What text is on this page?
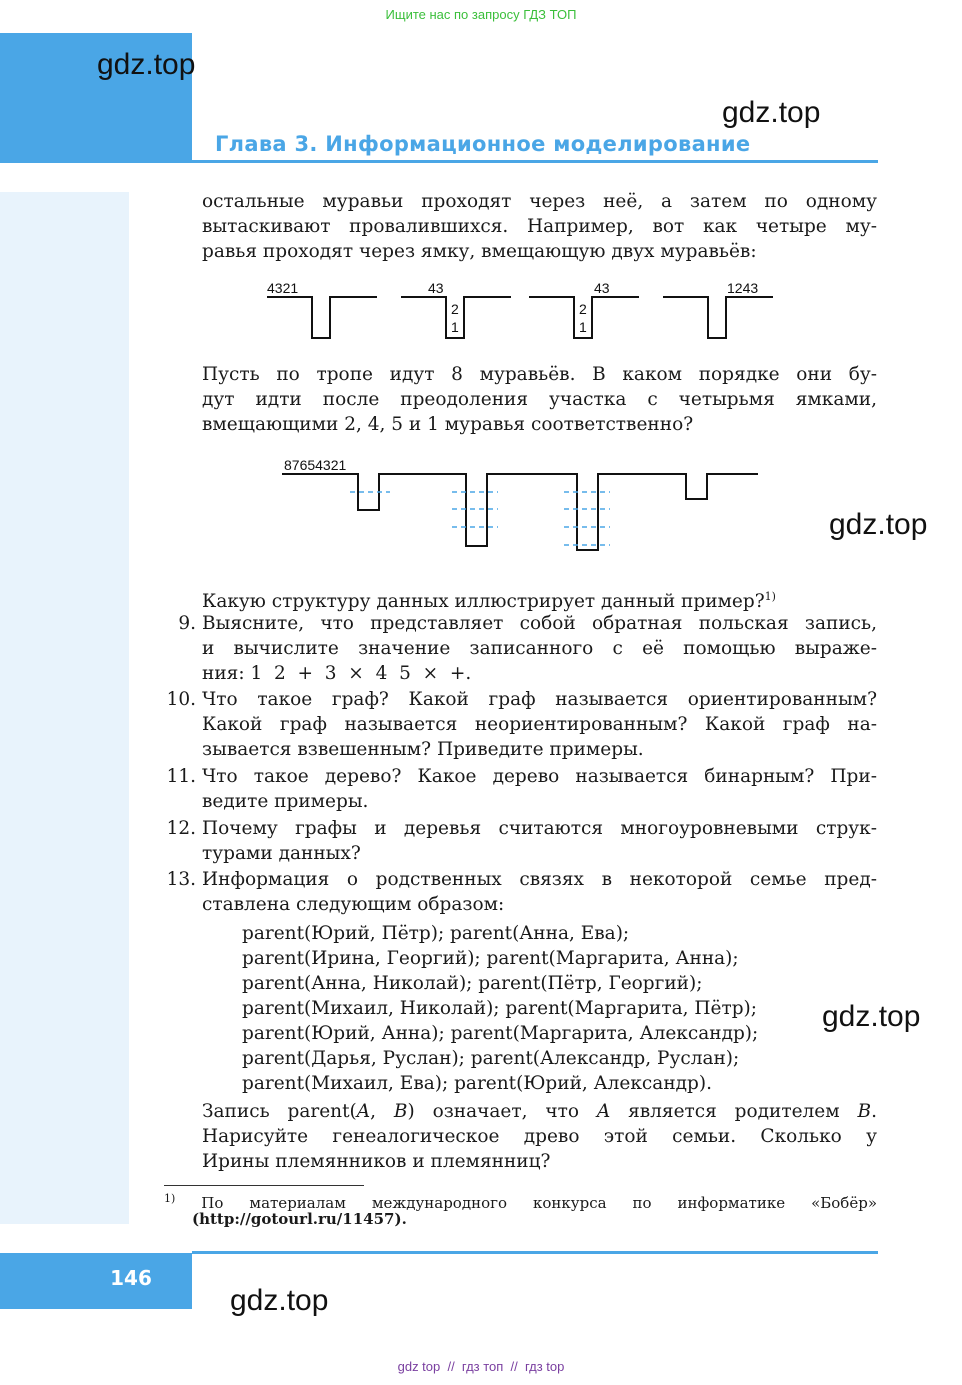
Ищите нас по запросу ГДЗ ТОП
Глава 3. Информационное моделирование
gdz.top
gdz.top
gdz.top
gdz.top
gdz.top
остальные муравьи проходят через неё, а затем по одному
вытаскивают провалившихся. Например, вот как четыре му-
равья проходят через ямку, вмещающую двух муравьёв:
4321	43
2
1
43
2
1
1243
Пусть по тропе идут 8 муравьёв. В каком порядке они бу-
дут идти после преодоления участка с четырьмя ямками,
вмещающими 2, 4, 5 и 1 муравья соответственно?
87654321
Какую структуру данных иллюстрирует данный пример?$^{1)}$
9. Выясните, что представляет собой обратная польская запись,
и вычислите значение записанного с её помощью выраже-
ния: 1  2  +  3  ×  4  5  ×  +.
10. Что такое граф? Какой граф называется ориентированным?
Какой граф называется неориентированным? Какой граф на-
зывается взвешенным? Приведите примеры.
11. Что такое дерево? Какое дерево называется бинарным? При-
ведите примеры.
12. Почему графы и деревья считаются многоуровневыми струк-
турами данных?
13. Информация о родственных связях в некоторой семье пред-
ставлена следующим образом:
parent(Юрий, Пётр); parent(Анна, Ева);
parent(Ирина, Георгий); parent(Маргарита, Анна);
parent(Анна, Николай); parent(Пётр, Георгий);
parent(Михаил, Николай); parent(Маргарита, Пётр);
parent(Юрий, Анна); parent(Маргарита, Александр);
parent(Дарья, Руслан); parent(Александр, Руслан);
parent(Михаил, Ева); parent(Юрий, Александр).
Запись parent(A, B) означает, что A является родителем B.
Нарисуйте генеалогическое древо этой семьи. Сколько у
Ирины племянников и племянниц?
$^{1)}$ По материалам международного конкурса по информатике «Бобёр»
(http://gotourl.ru/11457).
146
gdz top  //  гдз топ  //  гдз top
